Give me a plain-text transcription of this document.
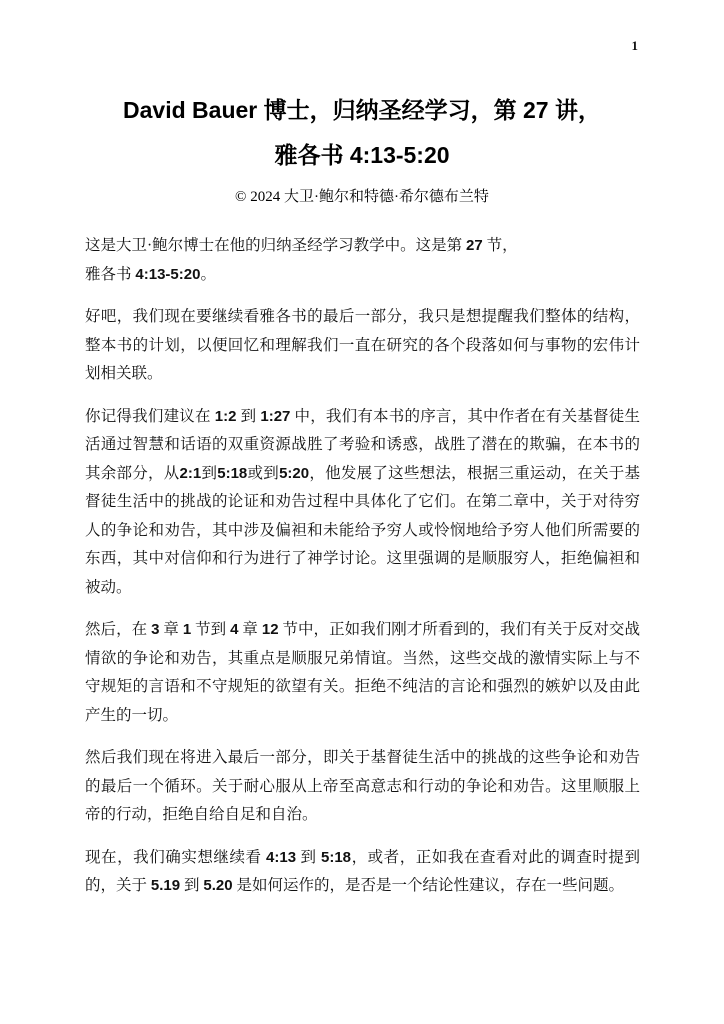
1
David Bauer 博士，归纳圣经学习，第 27 讲，
雅各书 4:13-5:20
© 2024 大卫·鲍尔和特德·希尔德布兰特

这是大卫·鲍尔博士在他的归纳圣经学习教学中。这是第 27 节，
雅各书 4:13-5:20。

好吧，我们现在要继续看雅各书的最后一部分，我只是想提醒我们整体的结构，整本书的计划，以便回忆和理解我们一直在研究的各个段落如何与事物的宏伟计划相关联。

你记得我们建议在 1:2 到 1:27 中，我们有本书的序言，其中作者在有关基督徒生活通过智慧和话语的双重资源战胜了考验和诱惑，战胜了潜在的欺骗，在本书的其余部分，从2:1到5:18或到5:20，他发展了这些想法，根据三重运动，在关于基督徒生活中的挑战的论证和劝告过程中具体化了它们。在第二章中，关于对待穷人的争论和劝告，其中涉及偏袒和未能给予穷人或怜悯地给予穷人他们所需要的东西，其中对信仰和行为进行了神学讨论。这里强调的是顺服穷人，拒绝偏袒和被动。

然后，在 3 章 1 节到 4 章 12 节中，正如我们刚才所看到的，我们有关于反对交战情欲的争论和劝告，其重点是顺服兄弟情谊。当然，这些交战的激情实际上与不守规矩的言语和不守规矩的欲望有关。拒绝不纯洁的言论和强烈的嫉妒以及由此产生的一切。

然后我们现在将进入最后一部分，即关于基督徒生活中的挑战的这些争论和劝告的最后一个循环。关于耐心服从上帝至高意志和行动的争论和劝告。这里顺服上帝的行动，拒绝自给自足和自治。

现在，我们确实想继续看 4:13 到 5:18，或者，正如我在查看对此的调查时提到的，关于 5.19 到 5.20 是如何运作的，是否是一个结论性建议，存在一些问题。
